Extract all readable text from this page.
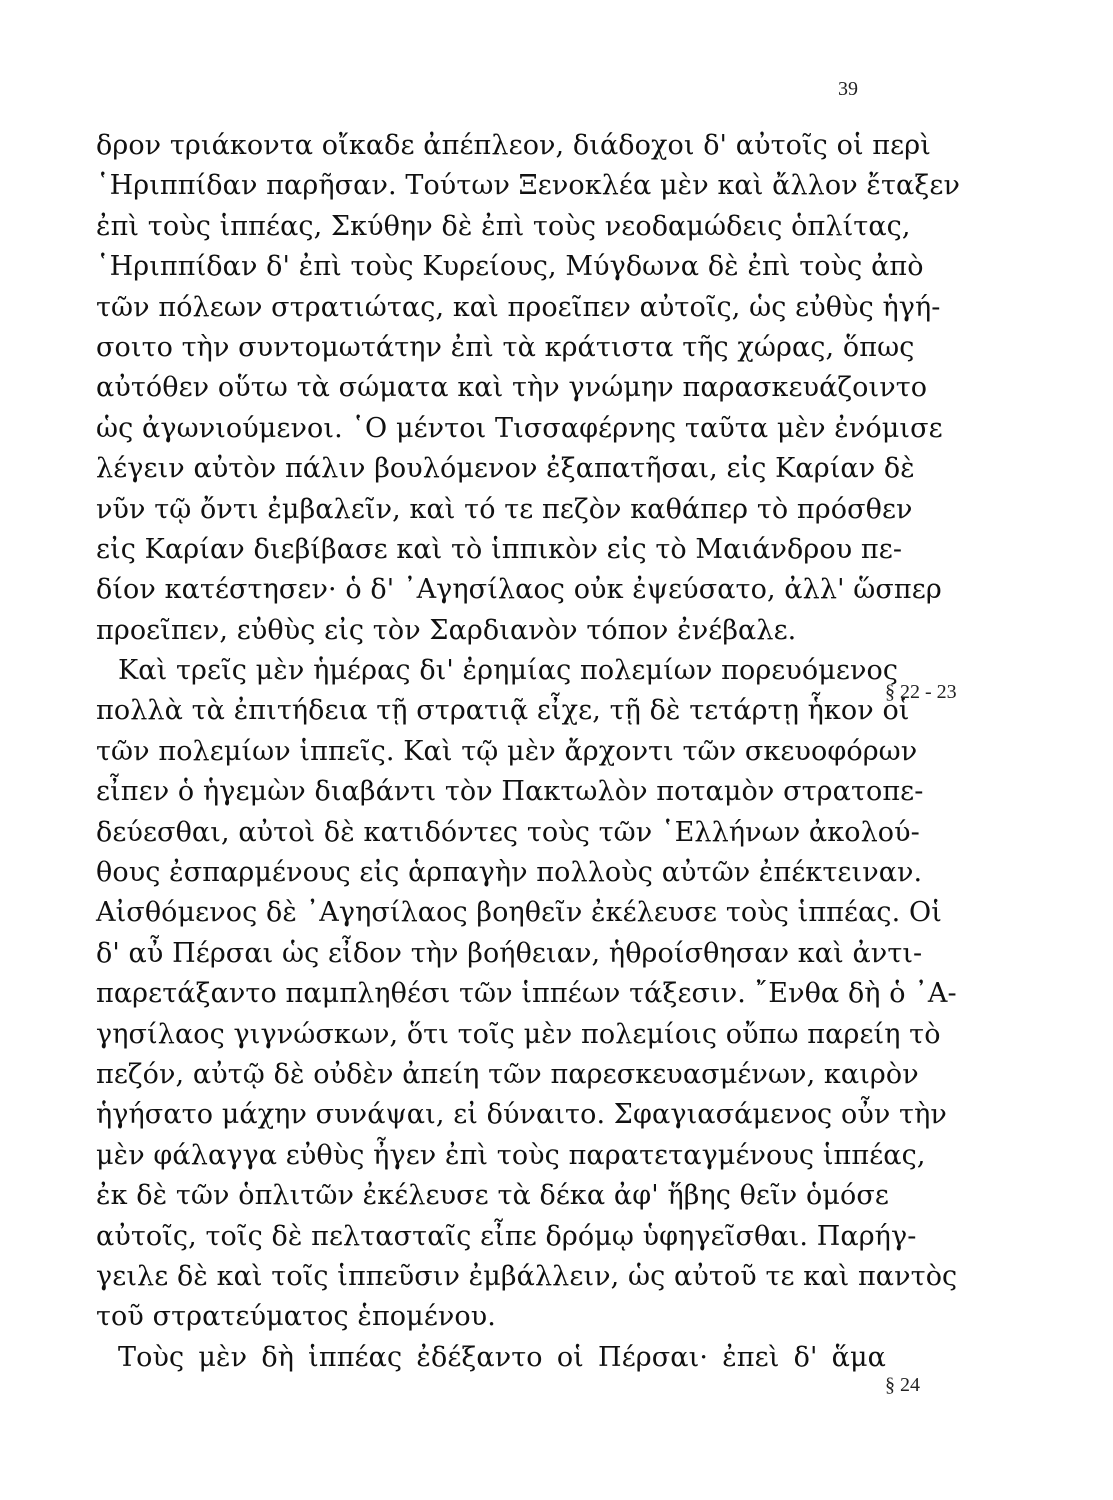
39
δρον τριάκοντα οἴκαδε ἀπέπλεον, διάδοχοι δ' αὐτοῖς οἱ περὶ
῾Ηριππίδαν παρῆσαν. Τούτων Ξενοκλέα μὲν καὶ ἄλλον ἔταξεν
ἐπὶ τοὺς ἱππέας, Σκύθην δὲ ἐπὶ τοὺς νεοδαμώδεις ὁπλίτας,
῾Ηριππίδαν δ' ἐπὶ τοὺς Κυρείους, Μύγδωνα δὲ ἐπὶ τοὺς ἀπὸ
τῶν πόλεων στρατιώτας, καὶ προεῖπεν αὐτοῖς, ὡς εὐθὺς ἡγή-
σοιτο τὴν συντομωτάτην ἐπὶ τὰ κράτιστα τῆς χώρας, ὅπως
αὐτόθεν οὕτω τὰ σώματα καὶ τὴν γνώμην παρασκευάζοιντο
ὡς ἀγωνιούμενοι. ῾Ο μέντοι Τισσαφέρνης ταῦτα μὲν ἐνόμισε
λέγειν αὐτὸν πάλιν βουλόμενον ἐξαπατῆσαι, εἰς Καρίαν δὲ
νῦν τῷ ὄντι ἐμβαλεῖν, καὶ τό τε πεζὸν καθάπερ τὸ πρόσθεν
εἰς Καρίαν διεβίβασε καὶ τὸ ἱππικὸν εἰς τὸ Μαιάνδρου πε-
δίον κατέστησεν· ὁ δ' ᾿Αγησίλαος οὐκ ἐψεύσατο, ἀλλ' ὥσπερ
προεῖπεν, εὐθὺς εἰς τὸν Σαρδιανὸν τόπον ἐνέβαλε.
Καὶ τρεῖς μὲν ἡμέρας δι' ἐρημίας πολεμίων πορευόμενος
πολλὰ τὰ ἐπιτήδεια τῇ στρατιᾷ εἶχε, τῇ δὲ τετάρτῃ ἧκον οἱ
τῶν πολεμίων ἱππεῖς. Καὶ τῷ μὲν ἄρχοντι τῶν σκευοφόρων
εἶπεν ὁ ἡγεμὼν διαβάντι τὸν Πακτωλὸν ποταμὸν στρατοπε-
δεύεσθαι, αὐτοὶ δὲ κατιδόντες τοὺς τῶν ῾Ελλήνων ἀκολού-
θους ἐσπαρμένους εἰς ἁρπαγὴν πολλοὺς αὐτῶν ἐπέκτειναν.
Αἰσθόμενος δὲ ᾿Αγησίλαος βοηθεῖν ἐκέλευσε τοὺς ἱππέας. Οἱ
δ' αὖ Πέρσαι ὡς εἶδον τὴν βοήθειαν, ἡθροίσθησαν καὶ ἀντι-
παρετάξαντο παμπληθέσι τῶν ἱππέων τάξεσιν. ῎Ενθα δὴ ὁ ᾿Α-
γησίλαος γιγνώσκων, ὅτι τοῖς μὲν πολεμίοις οὔπω παρείη τὸ
πεζόν, αὐτῷ δὲ οὐδὲν ἀπείη τῶν παρεσκευασμένων, καιρὸν
ἡγήσατο μάχην συνάψαι, εἰ δύναιτο. Σφαγιασάμενος οὖν τὴν
μὲν φάλαγγα εὐθὺς ἦγεν ἐπὶ τοὺς παρατεταγμένους ἱππέας,
ἐκ δὲ τῶν ὁπλιτῶν ἐκέλευσε τὰ δέκα ἀφ' ἥβης θεῖν ὁμόσε
αὐτοῖς, τοῖς δὲ πελτασταῖς εἶπε δρόμῳ ὑφηγεῖσθαι. Παρήγ-
γειλε δὲ καὶ τοῖς ἱππεῦσιν ἐμβάλλειν, ὡς αὐτοῦ τε καὶ παντὸς
τοῦ στρατεύματος ἑπομένου.
Τοὺς μὲν δὴ ἱππέας ἐδέξαντο οἱ Πέρσαι· ἐπεὶ δ' ἅμα
§ 22 - 23
§ 24
